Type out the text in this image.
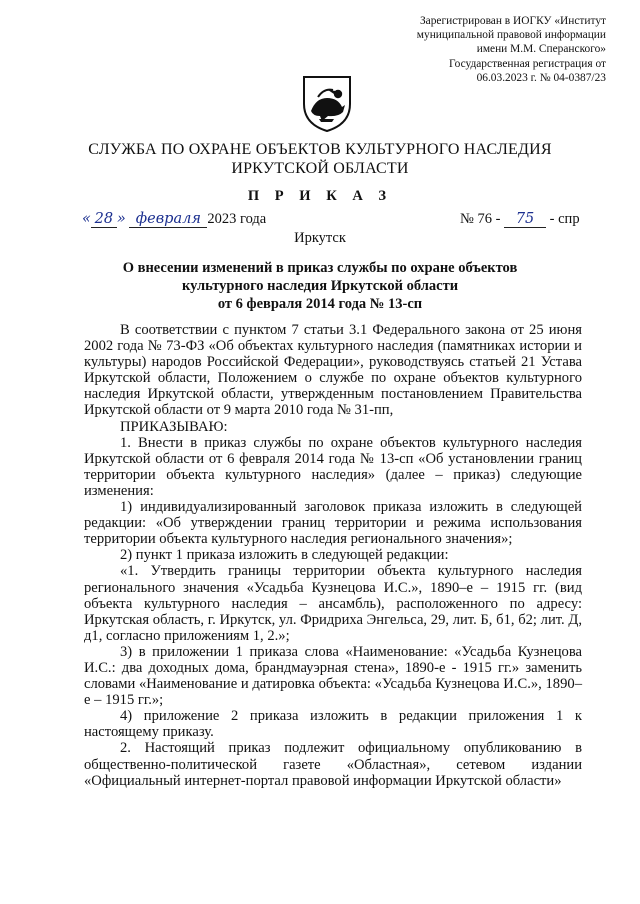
Зарегистрирован в ИОГКУ «Институт
муниципальной правовой информации
имени М.М. Сперанского»
Государственная регистрация от
06.03.2023 г. № 04-0387/23
СЛУЖБА ПО ОХРАНЕ ОБЪЕКТОВ КУЛЬТУРНОГО НАСЛЕДИЯ
ИРКУТСКОЙ ОБЛАСТИ
П Р И К А З
« 28 » февраля 2023 года	№ 76 - 75 - спр
Иркутск
О внесении изменений в приказ службы по охране объектов
культурного наследия Иркутской области
от 6 февраля 2014 года № 13-сп

В соответствии с пунктом 7 статьи 3.1 Федерального закона от 25 июня 2002 года № 73-ФЗ «Об объектах культурного наследия (памятниках истории и культуры) народов Российской Федерации», руководствуясь статьей 21 Устава Иркутской области, Положением о службе по охране объектов культурного наследия Иркутской области, утвержденным постановлением Правительства Иркутской области от 9 марта 2010 года № 31-пп,

ПРИКАЗЫВАЮ:

1. Внести в приказ службы по охране объектов культурного наследия Иркутской области от 6 февраля 2014 года № 13-сп «Об установлении границ территории объекта культурного наследия» (далее – приказ) следующие изменения:

1) индивидуализированный заголовок приказа изложить в следующей редакции: «Об утверждении границ территории и режима использования территории объекта культурного наследия регионального значения»;

2) пункт 1 приказа изложить в следующей редакции:

«1. Утвердить границы территории объекта культурного наследия регионального значения «Усадьба Кузнецова И.С.», 1890–е – 1915 гг. (вид объекта культурного наследия – ансамбль), расположенного по адресу: Иркутская область, г. Иркутск, ул. Фридриха Энгельса, 29, лит. Б, б1, б2; лит. Д, д1, согласно приложениям 1, 2.»;

3) в приложении 1 приказа слова «Наименование: «Усадьба Кузнецова И.С.: два доходных дома, брандмауэрная стена», 1890-е - 1915 гг.» заменить словами «Наименование и датировка объекта: «Усадьба Кузнецова И.С.», 1890–е – 1915 гг.»;

4) приложение 2 приказа изложить в редакции приложения 1 к настоящему приказу.

2. Настоящий приказ подлежит официальному опубликованию в общественно-политической газете «Областная», сетевом издании «Официальный интернет-портал правовой информации Иркутской области»
